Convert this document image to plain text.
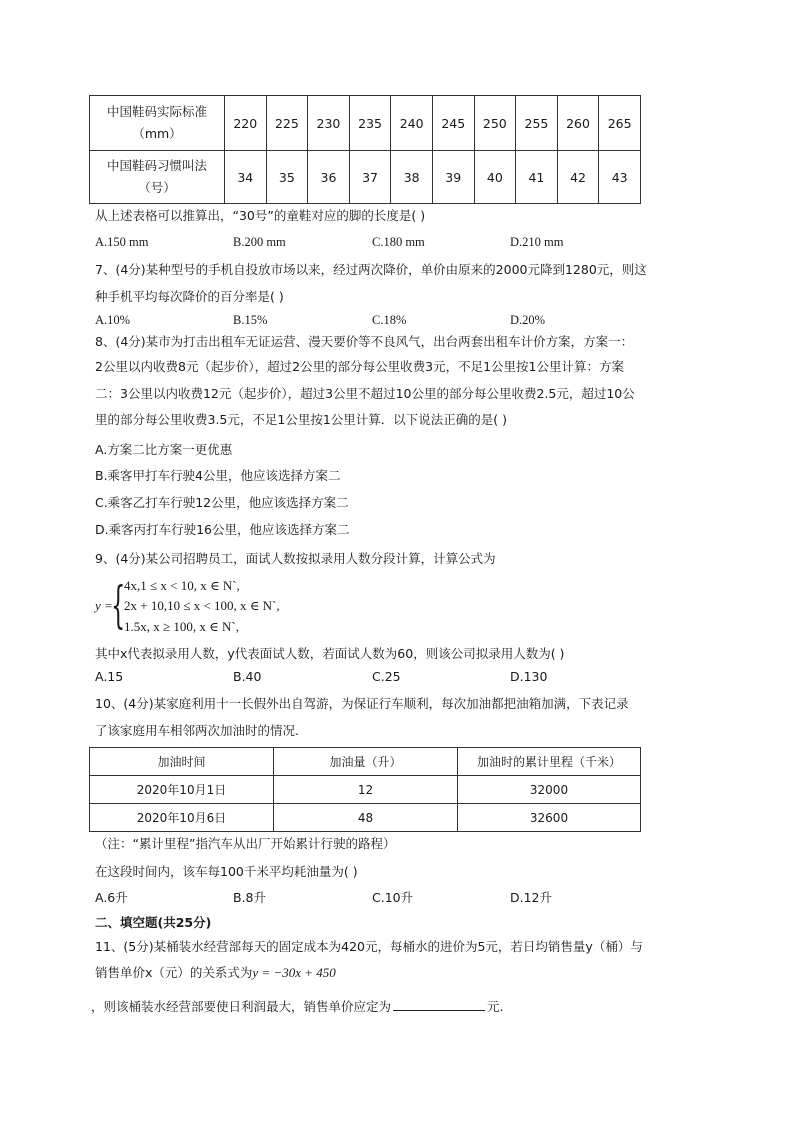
中国鞋码实际标准
（mm）	220	225	230	235	240	245	250	255	260	265

中国鞋码习惯叫法
（号）	34	35	36	37	38	39	40	41	42	43
从上述表格可以推算出，“30号”的童鞋对应的脚的长度是( )
A.150 mm	B.200 mm	C.180 mm	D.210 mm
7、(4分)某种型号的手机自投放市场以来，经过两次降价，单价由原来的2000元降到1280元，则这
种手机平均每次降价的百分率是( )
A.10%	B.15%	C.18%	D.20%
8、(4分)某市为打击出租车无证运营、漫天要价等不良风气，出台两套出租车计价方案，方案一：
2公里以内收费8元（起步价），超过2公里的部分每公里收费3元，不足1公里按1公里计算：方案
二：3公里以内收费12元（起步价），超过3公里不超过10公里的部分每公里收费2.5元，超过10公
里的部分每公里收费3.5元，不足1公里按1公里计算．以下说法正确的是( )
A.方案二比方案一更优惠
B.乘客甲打车行驶4公里，他应该选择方案二
C.乘客乙打车行驶12公里，他应该选择方案二
D.乘客丙打车行驶16公里，他应该选择方案二
9、(4分)某公司招聘员工，面试人数按拟录用人数分段计算，计算公式为
y =
{
4x,1 ≤ x < 10, x ∈ N`,
2x + 10,10 ≤ x < 100, x ∈ N`,
1.5x, x ≥ 100, x ∈ N`,
其中x代表拟录用人数，y代表面试人数，若面试人数为60，则该公司拟录用人数为( )
A.15	B.40	C.25	D.130
10、(4分)某家庭利用十一长假外出自驾游，为保证行车顺利，每次加油都把油箱加满，下表记录
了该家庭用车相邻两次加油时的情况.
加油时间	加油量（升）	加油时的累计里程（千米）
2020年10月1日	12	32000
2020年10月6日	48	32600
（注：“累计里程”指汽车从出厂开始累计行驶的路程）
在这段时间内，该车每100千米平均耗油量为( )
A.6升	B.8升	C.10升	D.12升
二、填空题(共25分)
11、(5分)某桶装水经营部每天的固定成本为420元，每桶水的进价为5元，若日均销售量y（桶）与
销售单价x（元）的关系式为y = −30x + 450
，则该桶装水经营部要使日利润最大，销售单价应定为	元.
